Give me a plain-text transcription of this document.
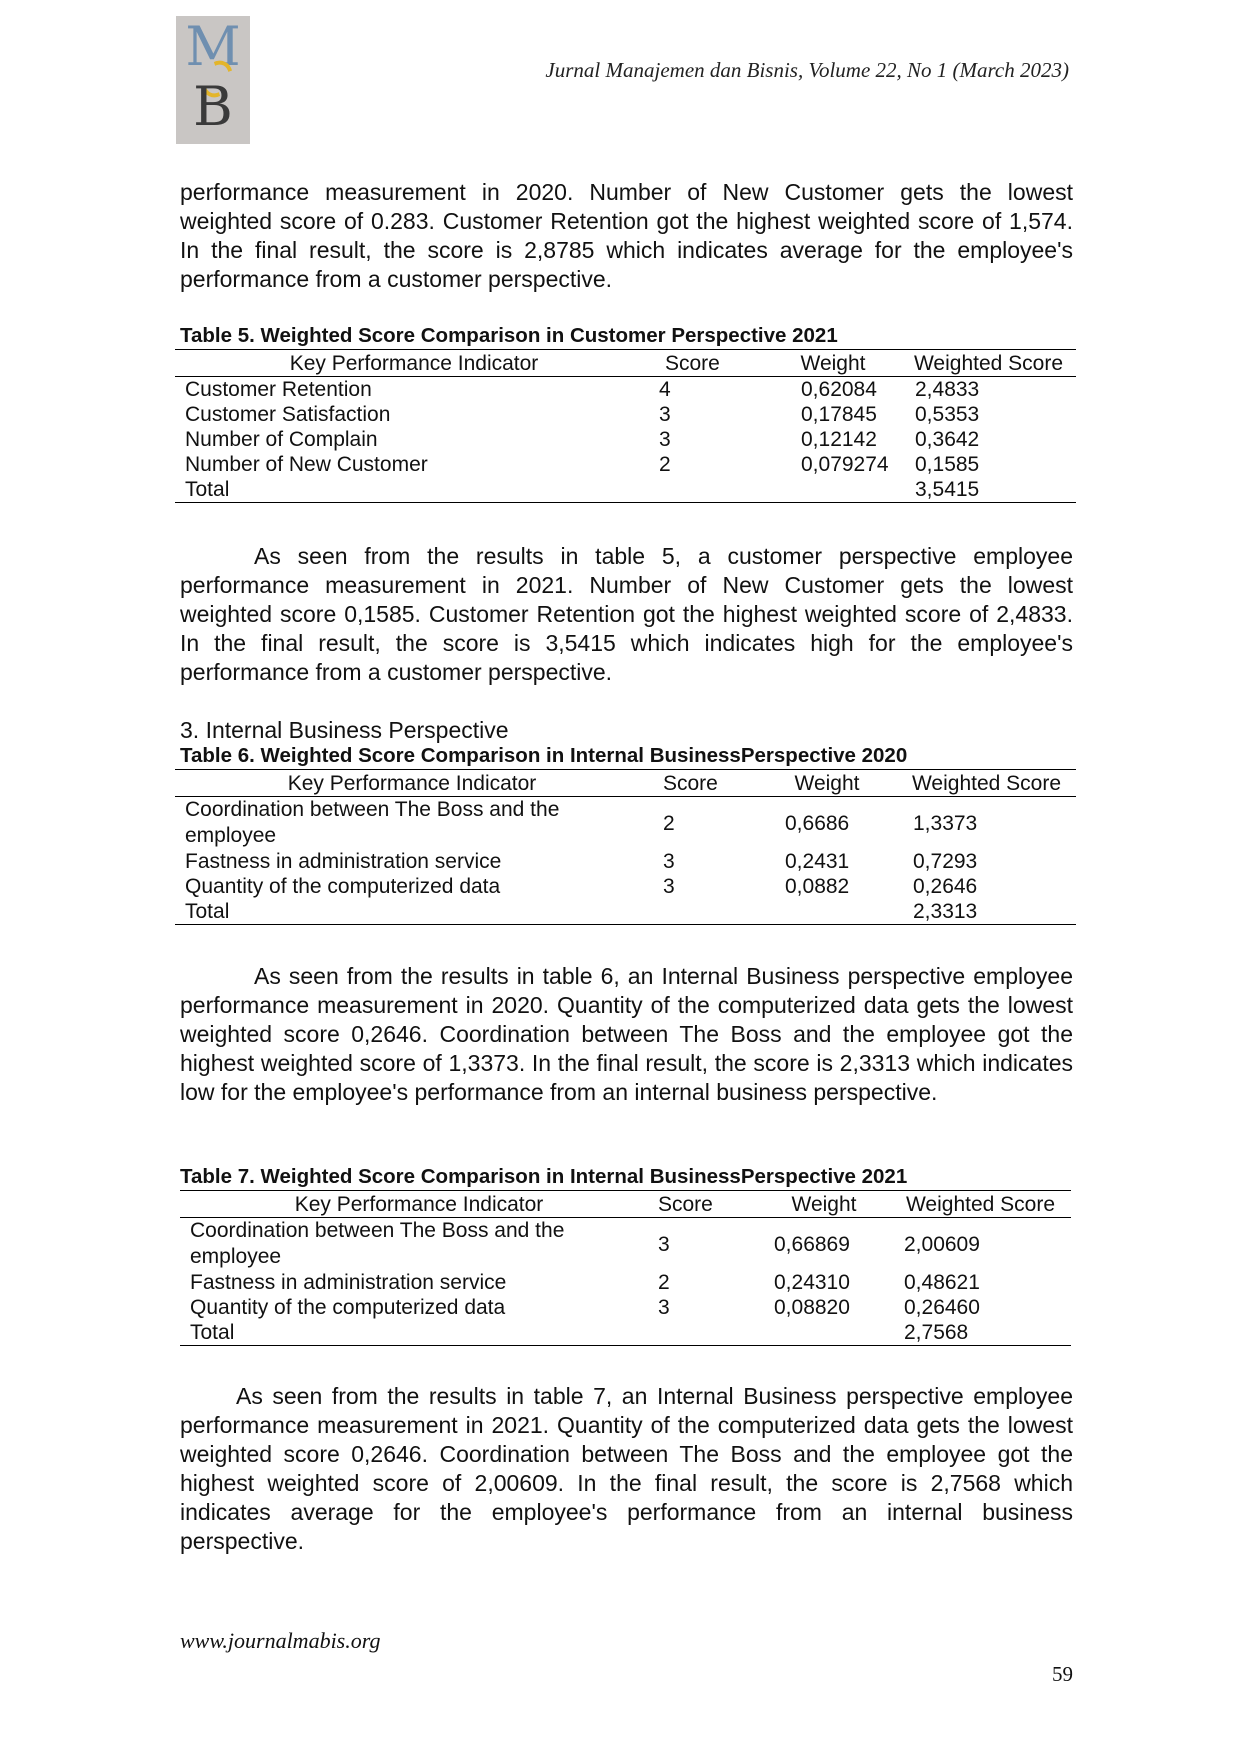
M
B
Jurnal Manajemen dan Bisnis, Volume 22, No 1 (March 2023)

performance measurement in 2020. Number of New Customer gets the lowest weighted score of 0.283. Customer Retention got the highest weighted score of 1,574. In the final result, the score is 2,8785 which indicates average for the employee's performance from a customer perspective.

Table 5. Weighted Score Comparison in Customer Perspective 2021
Key Performance Indicator	Score	Weight	Weighted Score
Customer Retention	4	0,62084	2,4833
Customer Satisfaction	3	0,17845	0,5353
Number of Complain	3	0,12142	0,3642
Number of New Customer	2	0,079274	0,1585
Total			3,5415

As seen from the results in table 5, a customer perspective employee performance measurement in 2021. Number of New Customer gets the lowest weighted score 0,1585. Customer Retention got the highest weighted score of 2,4833. In the final result, the score is 3,5415 which indicates high for the employee's performance from a customer perspective.

3. Internal Business Perspective
Table 6. Weighted Score Comparison in Internal BusinessPerspective 2020
Key Performance Indicator	Score	Weight	Weighted Score
Coordination between The Boss and the employee	2	0,6686	1,3373
Fastness in administration service	3	0,2431	0,7293
Quantity of the computerized data	3	0,0882	0,2646
Total			2,3313

As seen from the results in table 6, an Internal Business perspective employee performance measurement in 2020. Quantity of the computerized data gets the lowest weighted score 0,2646. Coordination between The Boss and the employee got the highest weighted score of 1,3373. In the final result, the score is 2,3313 which indicates low for the employee's performance from an internal business perspective.

Table 7. Weighted Score Comparison in Internal BusinessPerspective 2021
Key Performance Indicator	Score	Weight	Weighted Score
Coordination between The Boss and the employee	3	0,66869	2,00609
Fastness in administration service	2	0,24310	0,48621
Quantity of the computerized data	3	0,08820	0,26460
Total			2,7568

As seen from the results in table 7, an Internal Business perspective employee performance measurement in 2021. Quantity of the computerized data gets the lowest weighted score 0,2646. Coordination between The Boss and the employee got the highest weighted score of 2,00609. In the final result, the score is 2,7568 which indicates average for the employee's performance from an internal business perspective.

www.journalmabis.org
59
